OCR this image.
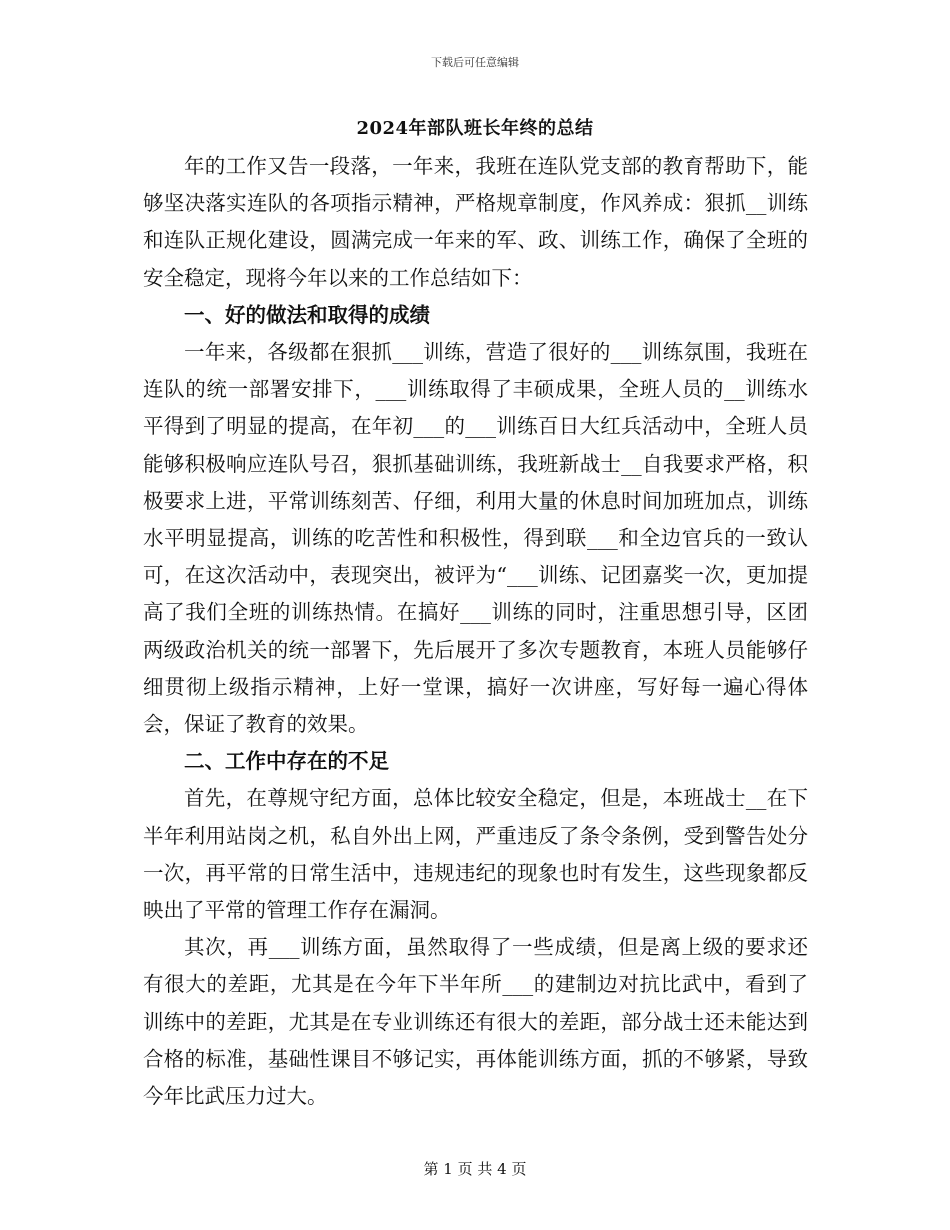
下载后可任意编辑
2024年部队班长年终的总结

年的工作又告一段落，一年来，我班在连队党支部的教育帮助下，能够坚决落实连队的各项指示精神，严格规章制度，作风养成：狠抓__训练和连队正规化建设，圆满完成一年来的军、政、训练工作，确保了全班的安全稳定，现将今年以来的工作总结如下：

一、好的做法和取得的成绩

一年来，各级都在狠抓___训练，营造了很好的___训练氛围，我班在连队的统一部署安排下，___训练取得了丰硕成果，全班人员的__训练水平得到了明显的提高，在年初___的___训练百日大红兵活动中，全班人员能够积极响应连队号召，狠抓基础训练，我班新战士__自我要求严格，积极要求上进，平常训练刻苦、仔细，利用大量的休息时间加班加点，训练水平明显提高，训练的吃苦性和积极性，得到联___和全边官兵的一致认可，在这次活动中，表现突出，被评为“___训练、记团嘉奖一次，更加提高了我们全班的训练热情。在搞好___训练的同时，注重思想引导，区团两级政治机关的统一部署下，先后展开了多次专题教育，本班人员能够仔细贯彻上级指示精神，上好一堂课，搞好一次讲座，写好每一遍心得体会，保证了教育的效果。

二、工作中存在的不足

首先，在尊规守纪方面，总体比较安全稳定，但是，本班战士__在下半年利用站岗之机，私自外出上网，严重违反了条令条例，受到警告处分一次，再平常的日常生活中，违规违纪的现象也时有发生，这些现象都反映出了平常的管理工作存在漏洞。

其次，再___训练方面，虽然取得了一些成绩，但是离上级的要求还有很大的差距，尤其是在今年下半年所___的建制边对抗比武中，看到了训练中的差距，尤其是在专业训练还有很大的差距，部分战士还未能达到合格的标准，基础性课目不够记实，再体能训练方面，抓的不够紧，导致今年比武压力过大。

第 1 页 共 4 页
